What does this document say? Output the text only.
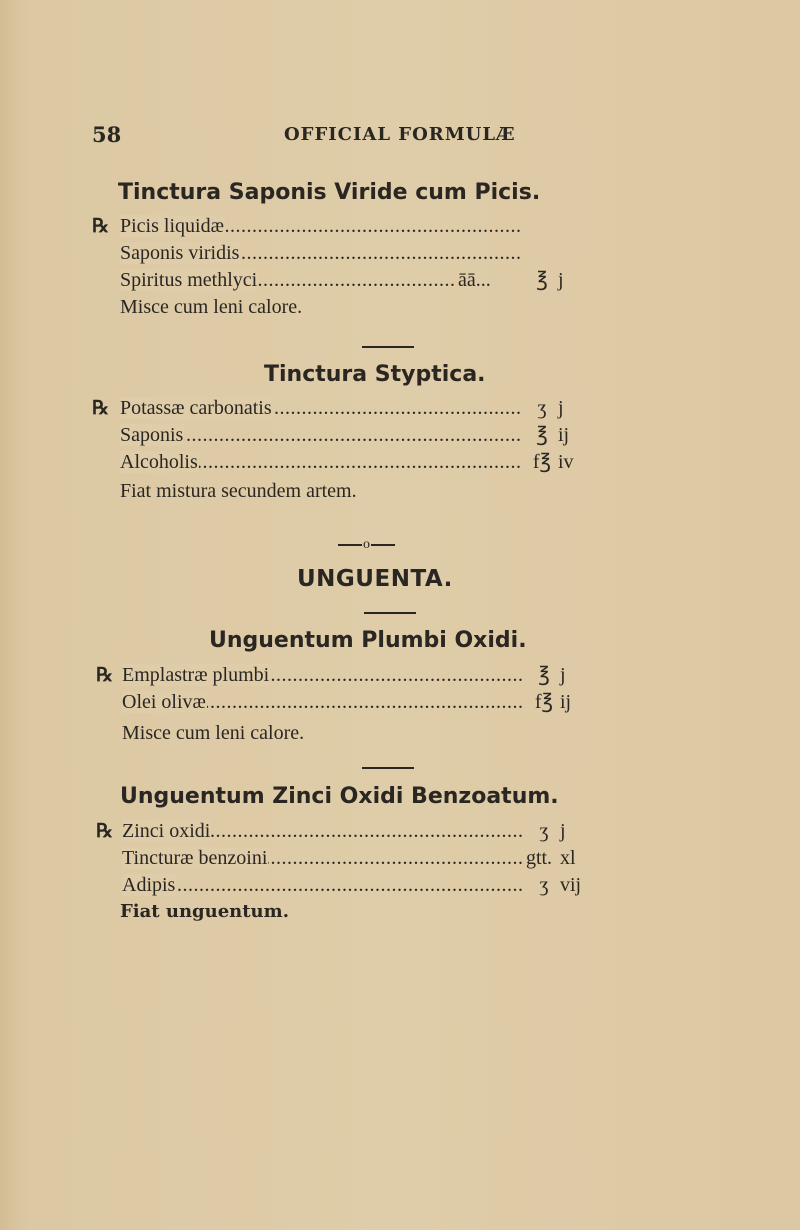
58	OFFICIAL FORMULÆ
Tinctura Saponis Viride cum Picis.
℞ Picis liquidæ .....
Saponis viridis .....
Spiritus methlyci .....	āā...	℥ j
Misce cum leni calore.
Tinctura Styptica.
℞ Potassæ carbonatis .....	ʒ j
Saponis .....	℥ ij
Alcoholis .....	f℥ iv
Fiat mistura secundem artem.
o
UNGUENTA.
Unguentum Plumbi Oxidi.
℞ Emplastræ plumbi .....	℥ j
Olei olivæ .....	f℥ ij
Misce cum leni calore.
Unguentum Zinci Oxidi Benzoatum.
℞ Zinci oxidi .....	ʒ j
Tincturæ benzoini .....	gtt. xl
Adipis .....	ʒ vij
Fiat unguentum.
